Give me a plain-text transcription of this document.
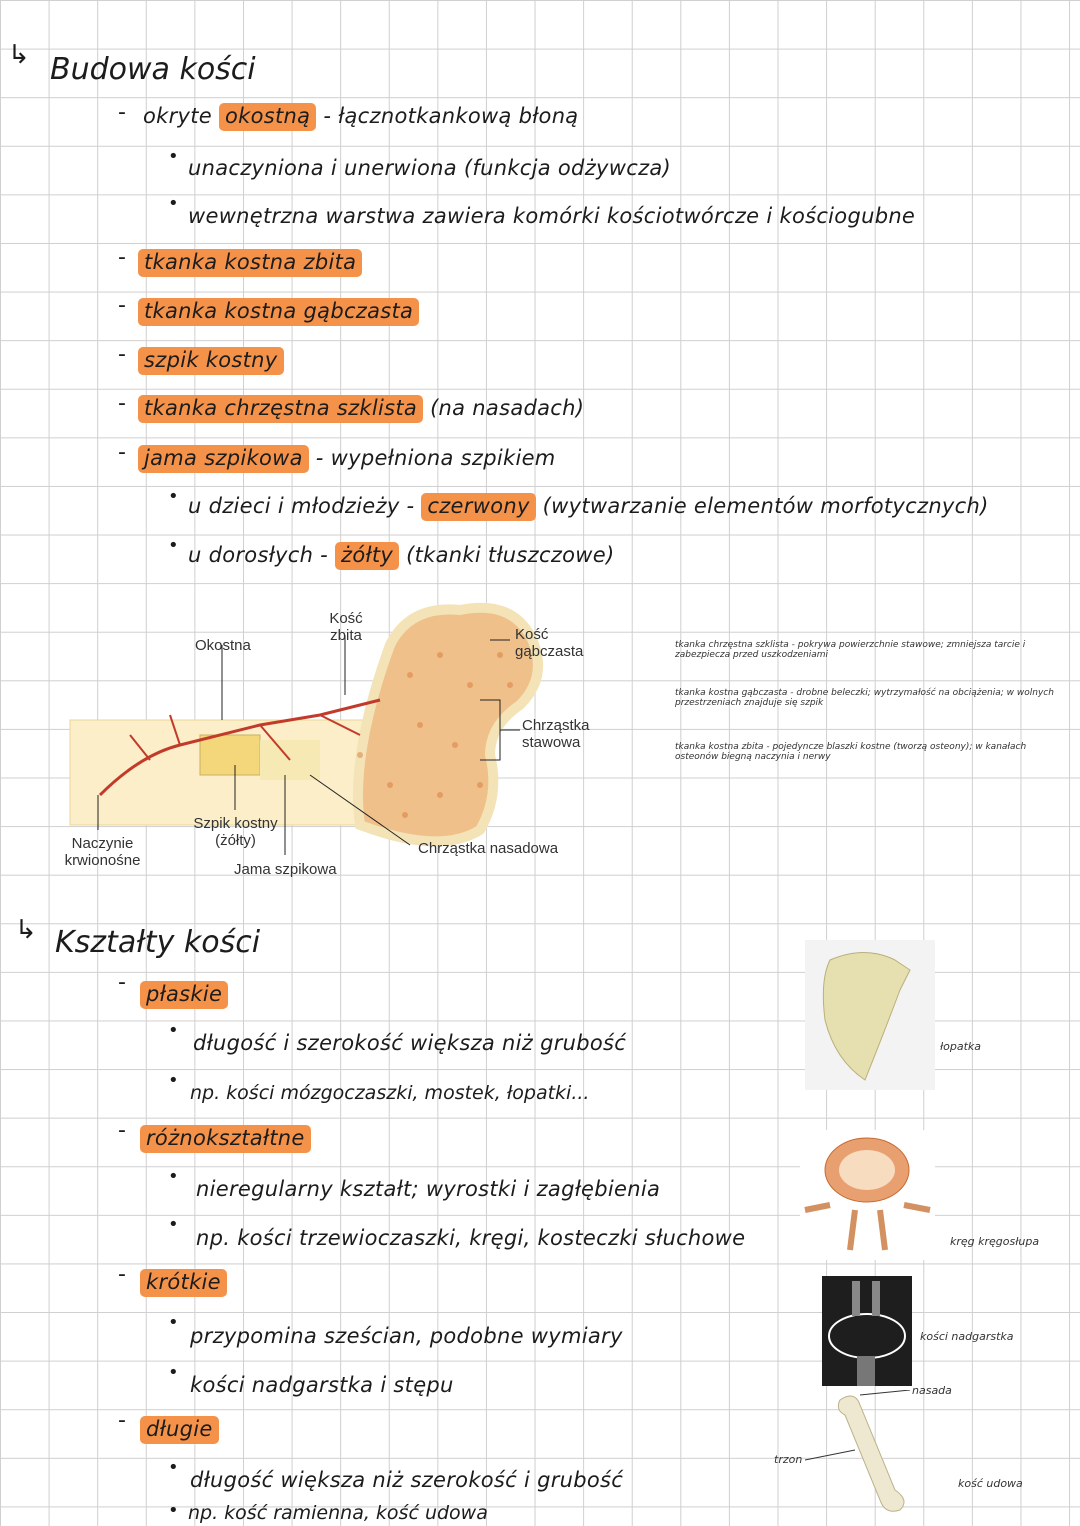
↳ Budowa kości
- okryte okostną - łącznotkankową błoną
• unaczyniona i unerwiona (funkcja odżywcza)
•
wewnętrzna warstwa zawiera komórki kościotwórcze i kościogubne
- tkanka kostna zbita
- tkanka kostna gąbczasta
- szpik kostny
- tkanka chrzęstna szklista (na nasadach)
- jama szpikowa - wypełniona szpikiem
• u dzieci i młodzieży - czerwony (wytwarzanie elementów morfotycznych)
• u dorosłych - żółty (tkanki tłuszczowe)
Okostna
Kość zbita	Kość gąbczasta
Chrząstka stawowa
Naczynie krwionośne
Szpik kostny (żółty)
Jama szpikowa
Chrząstka nasadowa
tkanka chrzęstna szklista - pokrywa powierzchnie stawowe; zmniejsza tarcie i zabezpiecza przed uszkodzeniami
tkanka kostna gąbczasta - drobne beleczki; wytrzymałość na obciążenia; w wolnych przestrzeniach znajduje się szpik
tkanka kostna zbita - pojedyncze blaszki kostne (tworzą osteony); w kanałach osteonów biegną naczynia i nerwy
↳ Kształty kości
- płaskie
•
długość i szerokość większa niż grubość
•
np. kości mózgoczaszki, mostek, łopatki...
- różnokształtne
•
nieregularny kształt; wyrostki i zagłębienia
•
np. kości trzewioczaszki, kręgi, kosteczki słuchowe
- krótkie
•
przypomina sześcian, podobne wymiary
•
kości nadgarstka i stępu
- długie
•
długość większa niż szerokość i grubość
• np. kość ramienna, kość udowa
łopatka
kręg kręgosłupa
kości nadgarstka
nasada
trzon
kość udowa
